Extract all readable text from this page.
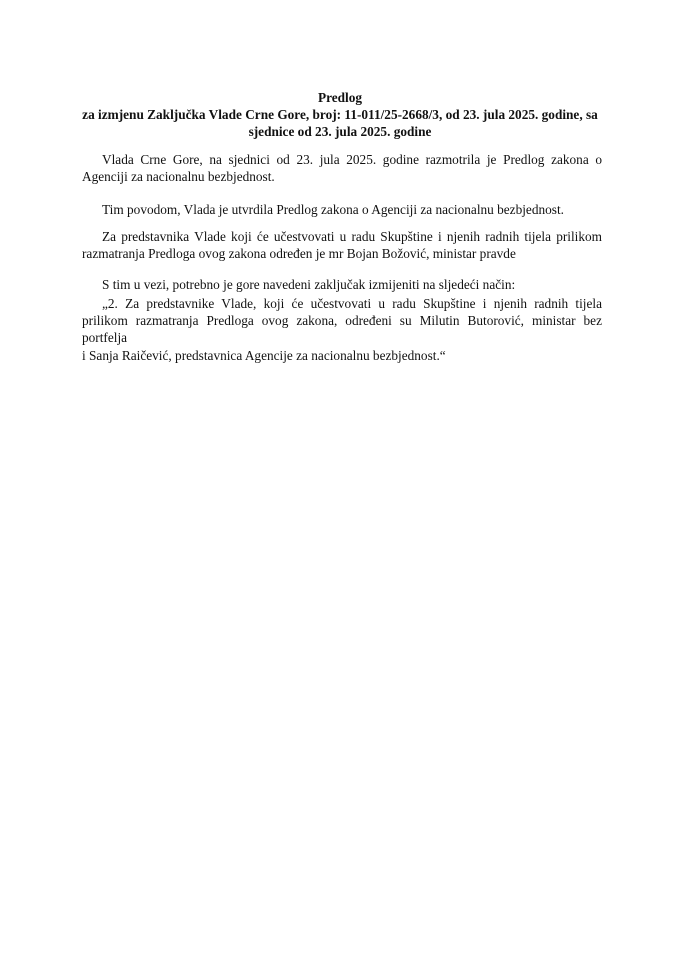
Predlog
za izmjenu Zaključka Vlade Crne Gore, broj: 11-011/25-2668/3, od 23. jula 2025. godine, sa
sjednice od 23. jula 2025. godine
Vlada Crne Gore, na sjednici od 23. jula 2025. godine razmotrila je Predlog zakona o
Agenciji za nacionalnu bezbjednost.
Tim povodom, Vlada je utvrdila Predlog zakona o Agenciji za nacionalnu bezbjednost.
Za predstavnika Vlade koji će učestvovati u radu Skupštine i njenih radnih tijela prilikom
razmatranja Predloga ovog zakona određen je mr Bojan Božović, ministar pravde
S tim u vezi, potrebno je gore navedeni zaključak izmijeniti na sljedeći način:
„2. Za predstavnike Vlade, koji će učestvovati u radu Skupštine i njenih radnih tijela
prilikom razmatranja Predloga ovog zakona, određeni su Milutin Butorović, ministar bez portfelja
i Sanja Raičević, predstavnica Agencije za nacionalnu bezbjednost.“
